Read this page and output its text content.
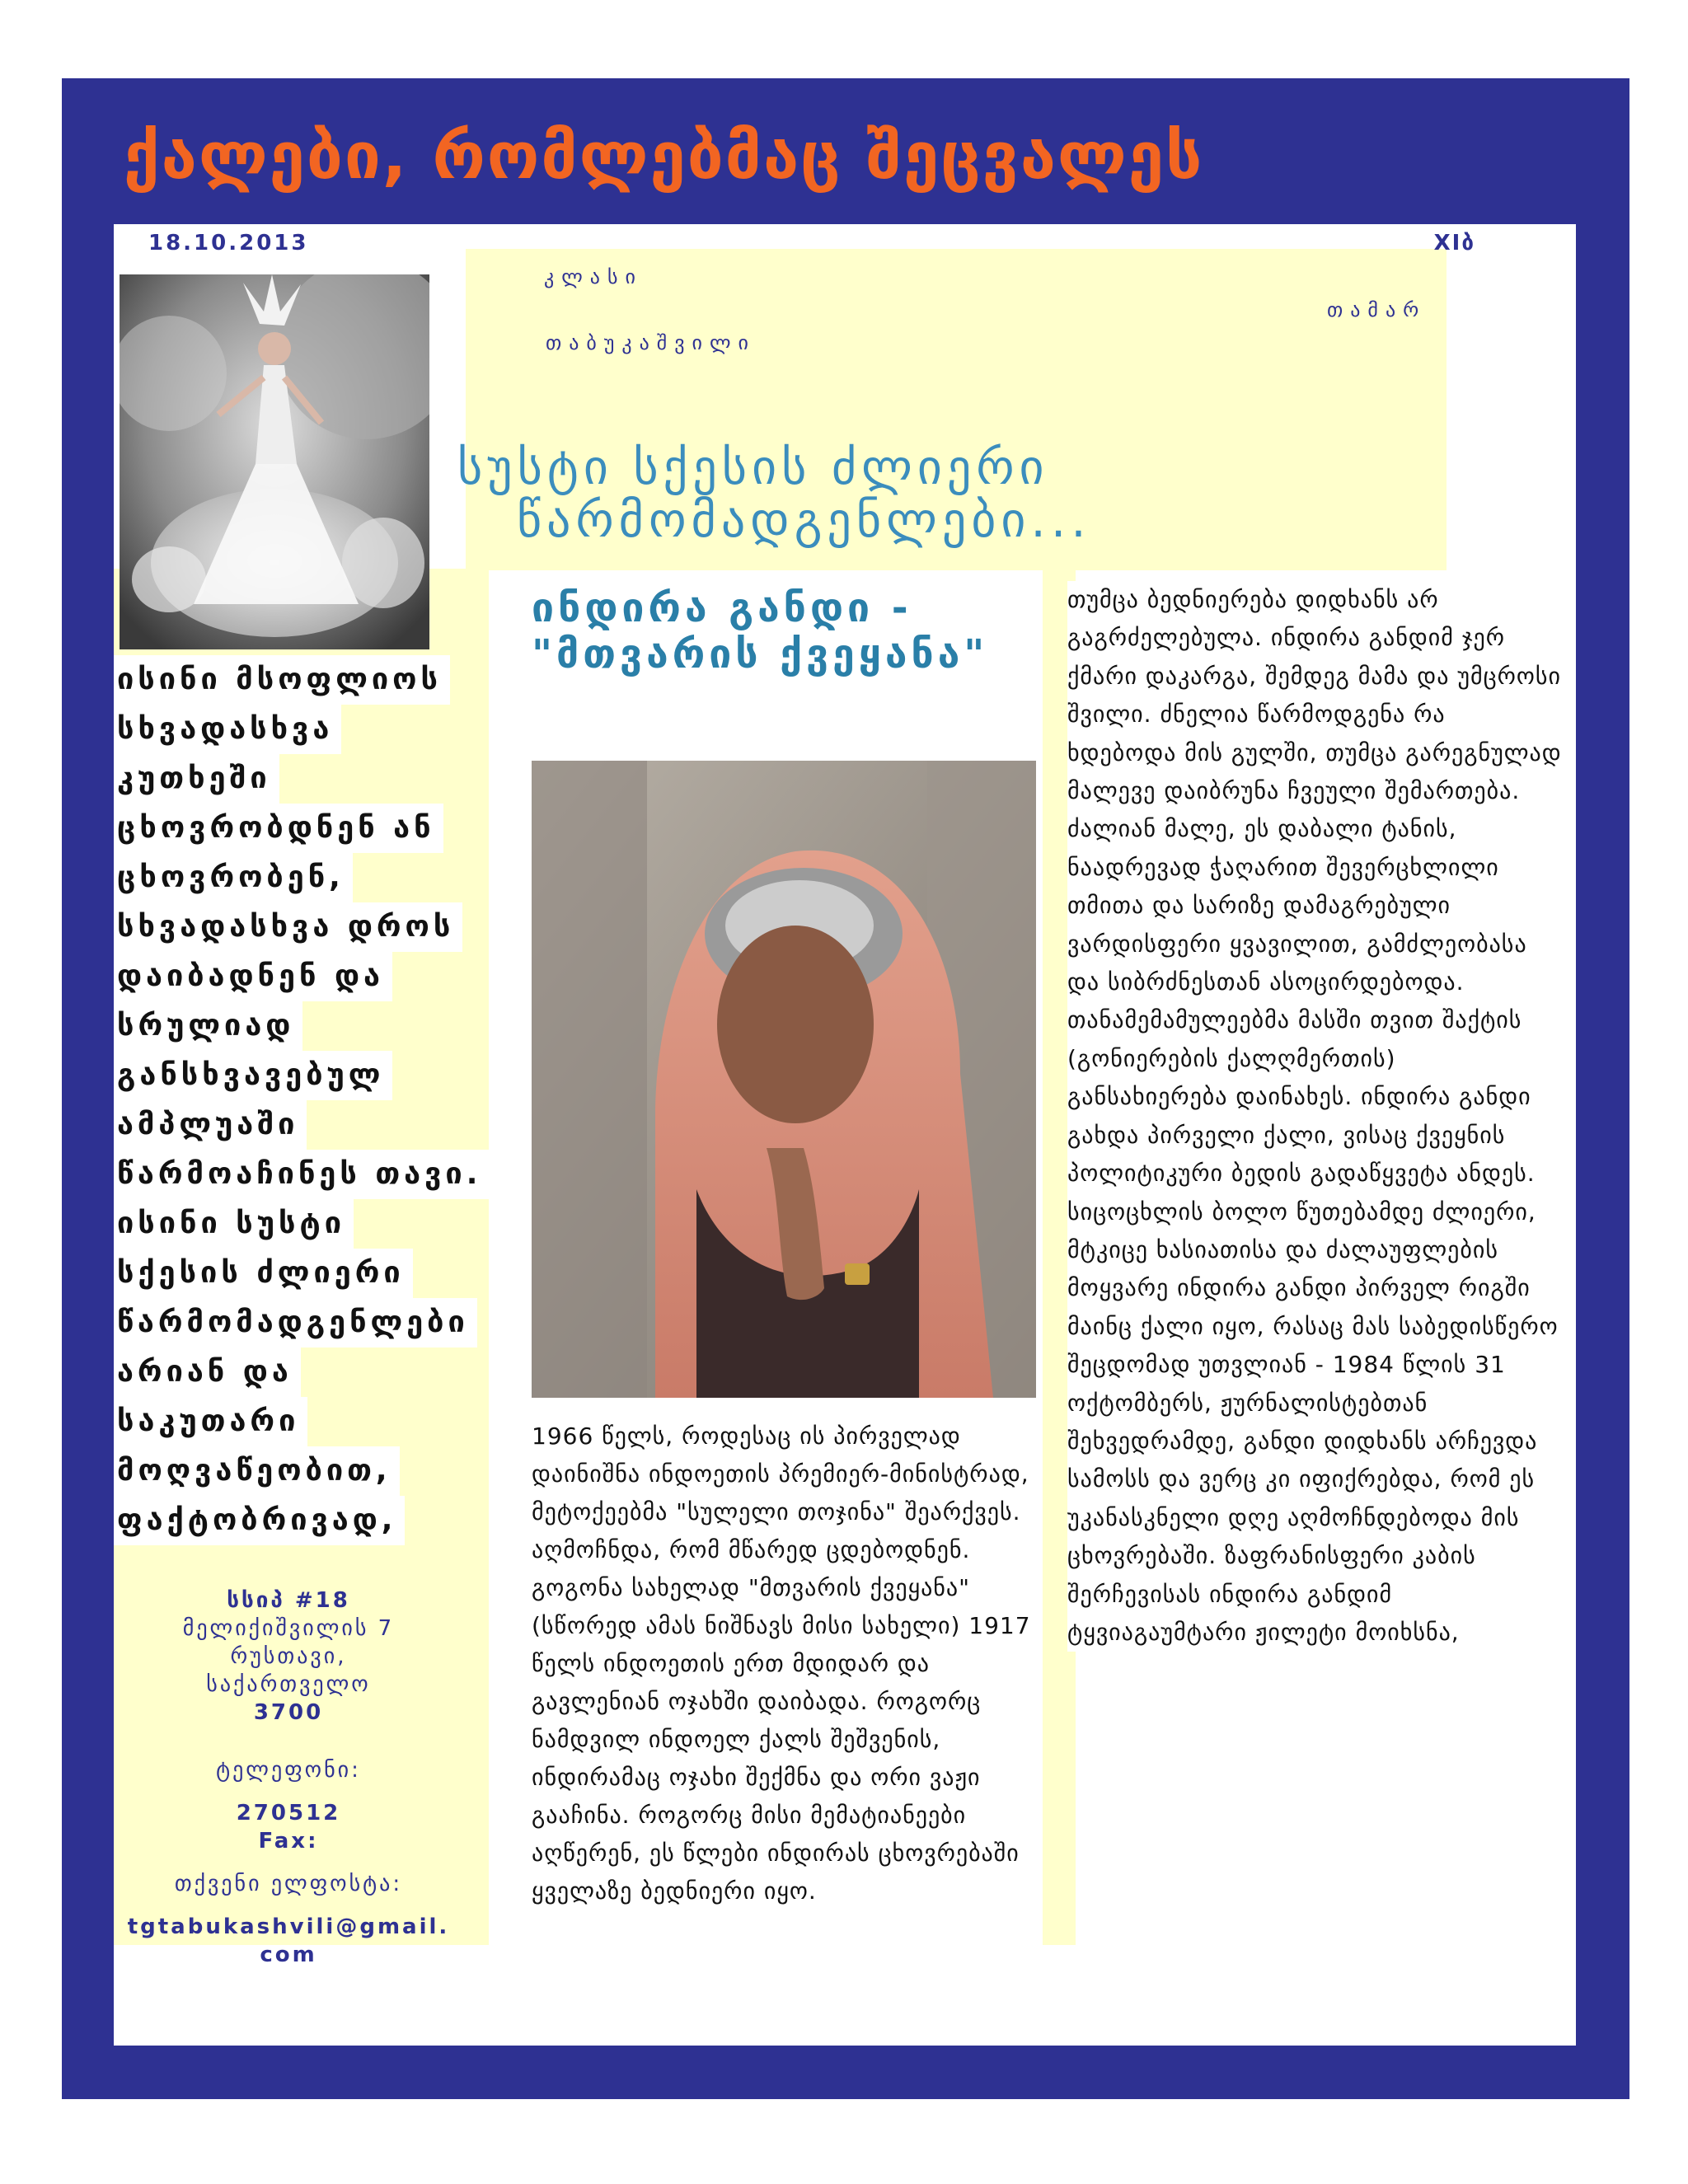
ქალები, რომლებმაც შეცვალეს
18.10.2013	XIბ
კლასი
თამარ
თაბუკაშვილი
სუსტი სქესის ძლიერი
წარმომადგენლები...
ინდირა განდი -
"მთვარის ქვეყანა"
ისინი მსოფლიოს
სხვადასხვა
კუთხეში
ცხოვრობდნენ ან
ცხოვრობენ,
სხვადასხვა დროს
დაიბადნენ და
სრულიად
განსხვავებულ
ამპლუაში
წარმოაჩინეს თავი.
ისინი სუსტი
სქესის ძლიერი
წარმომადგენლები
არიან და
საკუთარი
მოღვაწეობით,
ფაქტობრივად,
1966 წელს, როდესაც ის პირველად დაინიშნა ინდოეთის პრემიერ-მინისტრად, მეტოქეებმა "სულელი თოჯინა" შეარქვეს. აღმოჩნდა, რომ მწარედ ცდებოდნენ. გოგონა სახელად "მთვარის ქვეყანა" (სწორედ ამას ნიშნავს მისი სახელი) 1917 წელს ინდოეთის ერთ მდიდარ და გავლენიან ოჯახში დაიბადა. როგორც ნამდვილ ინდოელ ქალს შეშვენის, ინდირამაც ოჯახი შექმნა და ორი ვაჟი გააჩინა. როგორც მისი მემატიანეები აღწერენ, ეს წლები ინდირას ცხოვრებაში ყველაზე ბედნიერი იყო.
თუმცა ბედნიერება დიდხანს არ გაგრძელებულა. ინდირა განდიმ ჯერ ქმარი დაკარგა, შემდეგ მამა და უმცროსი შვილი. ძნელია წარმოდგენა რა ხდებოდა მის გულში, თუმცა გარეგნულად მალევე დაიბრუნა ჩვეული შემართება. ძალიან მალე, ეს დაბალი ტანის, ნაადრევად ჭაღარით შევერცხლილი თმითა და სარიზე დამაგრებული ვარდისფერი ყვავილით, გამძლეობასა და სიბრძნესთან ასოცირდებოდა. თანამემამულეებმა მასში თვით შაქტის (გონიერების ქალღმერთის) განსახიერება დაინახეს. ინდირა განდი გახდა პირველი ქალი, ვისაც ქვეყნის პოლიტიკური ბედის გადაწყვეტა ანდეს. სიცოცხლის ბოლო წუთებამდე ძლიერი, მტკიცე ხასიათისა და ძალაუფლების მოყვარე ინდირა განდი პირველ რიგში მაინც ქალი იყო, რასაც მას საბედისწერო შეცდომად უთვლიან - 1984 წლის 31 ოქტომბერს, ჟურნალისტებთან შეხვედრამდე, განდი დიდხანს არჩევდა სამოსს და ვერც კი იფიქრებდა, რომ ეს უკანასკნელი დღე აღმოჩნდებოდა მის ცხოვრებაში. ზაფრანისფერი კაბის შერჩევისას ინდირა განდიმ ტყვიაგაუმტარი ჟილეტი მოიხსნა,
სსიპ #18
მელიქიშვილის 7
რუსთავი,
საქართველო
3700
ტელეფონი:
270512
Fax:
თქვენი ელფოსტა:
tgtabukashvili@gmail.com
